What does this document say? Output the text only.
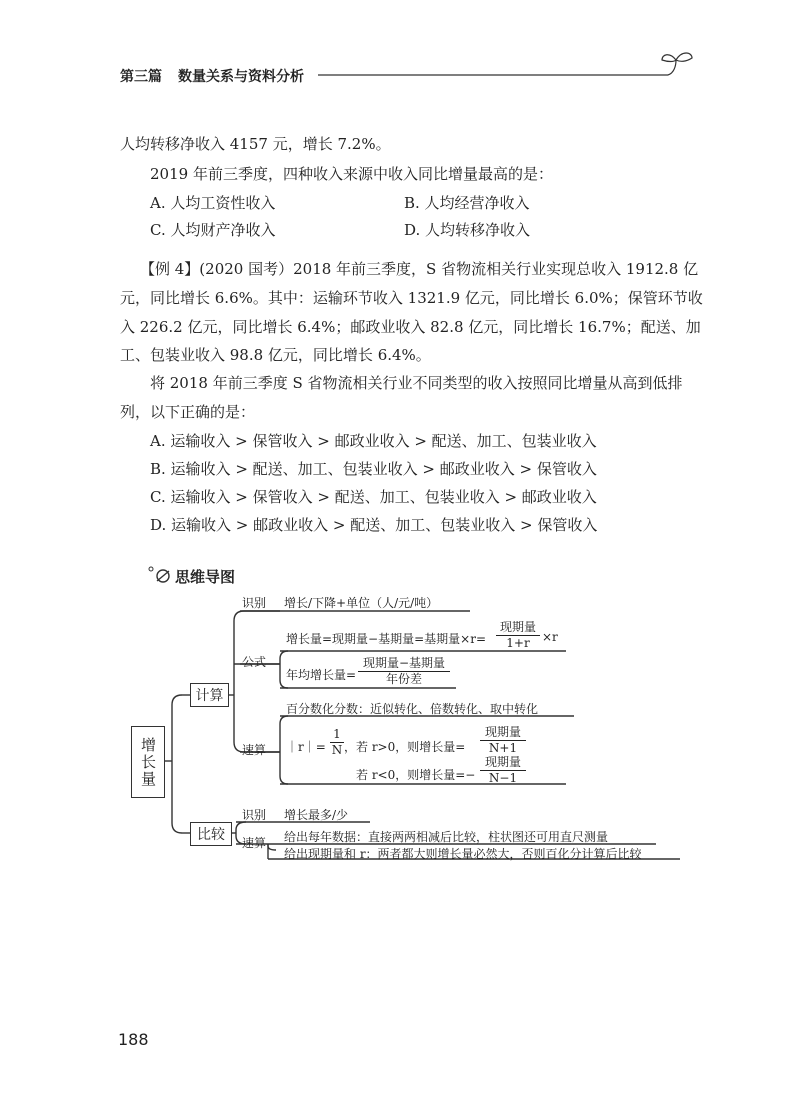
第三篇 数量关系与资料分析
人均转移净收入 4157 元，增长 7.2%。
2019 年前三季度，四种收入来源中收入同比增量最高的是：
A. 人均工资性收入	B. 人均经营净收入
C. 人均财产净收入	D. 人均转移净收入
【例 4】(2020 国考）2018 年前三季度，S 省物流相关行业实现总收入 1912.8 亿
元，同比增长 6.6%。其中：运输环节收入 1321.9 亿元，同比增长 6.0%；保管环节收
入 226.2 亿元，同比增长 6.4%；邮政业收入 82.8 亿元，同比增长 16.7%；配送、加
工、包装业收入 98.8 亿元，同比增长 6.4%。
将 2018 年前三季度 S 省物流相关行业不同类型的收入按照同比增量从高到低排
列，以下正确的是：
A. 运输收入 > 保管收入 > 邮政业收入 > 配送、加工、包装业收入
B. 运输收入 > 配送、加工、包装业收入 > 邮政业收入 > 保管收入
C. 运输收入 > 保管收入 > 配送、加工、包装业收入 > 邮政业收入
D. 运输收入 > 邮政业收入 > 配送、加工、包装业收入 > 保管收入
思维导图
增长量
计算
比较
识别
公式
速算
增长/下降+单位（人/元/吨）
增长量=现期量−基期量=基期量×r=
现期量
1+r	×r
年均增长量=
现期量−基期量
年份差
百分数化分数：近似转化、倍数转化、取中转化
｜r｜= $\frac{1}{N}$ ，若 r>0，则增长量=
现期量
N+1
若 r<0，则增长量=−
现期量
N−1
识别 增长最多/少
速算 给出每年数据：直接两两相减后比较，柱状图还可用直尺测量
给出现期量和 r：两者都大则增长量必然大，否则百化分计算后比较
188
